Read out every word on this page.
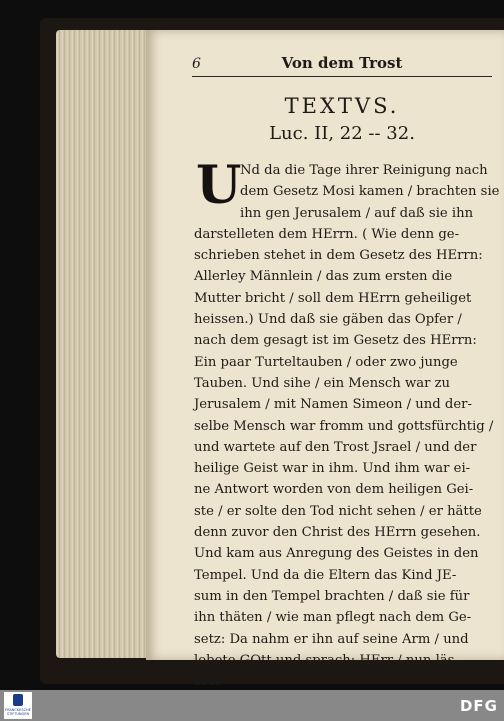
6	Von dem Trost
TEXTVS.
Luc. II, 22 -- 32.
U
Nd da die Tage ihrer Reinigung nach
dem Gesetz Mosi kamen / brachten sie
ihn gen Jerusalem / auf daß sie ihn
darstelleten dem HErrn. ( Wie denn ge-
schrieben stehet in dem Gesetz des HErrn:
Allerley Männlein / das zum ersten die
Mutter bricht / soll dem HErrn geheiliget
heissen.) Und daß sie gäben das Opfer /
nach dem gesagt ist im Gesetz des HErrn:
Ein paar Turteltauben / oder zwo junge
Tauben. Und sihe / ein Mensch war zu
Jerusalem / mit Namen Simeon / und der-
selbe Mensch war fromm und gottsfürchtig /
und wartete auf den Trost Jsrael / und der
heilige Geist war in ihm. Und ihm war ei-
ne Antwort worden von dem heiligen Gei-
ste / er solte den Tod nicht sehen / er hätte
denn zuvor den Christ des HErrn gesehen.
Und kam aus Anregung des Geistes in den
Tempel. Und da die Eltern das Kind JE-
sum in den Tempel brachten / daß sie für
ihn thäten / wie man pflegt nach dem Ge-
setz: Da nahm er ihn auf seine Arm / und
lobete GOtt und sprach: HErr / nun läs-
sest
FRANCKESCHE STIFTUNGEN	DFG
